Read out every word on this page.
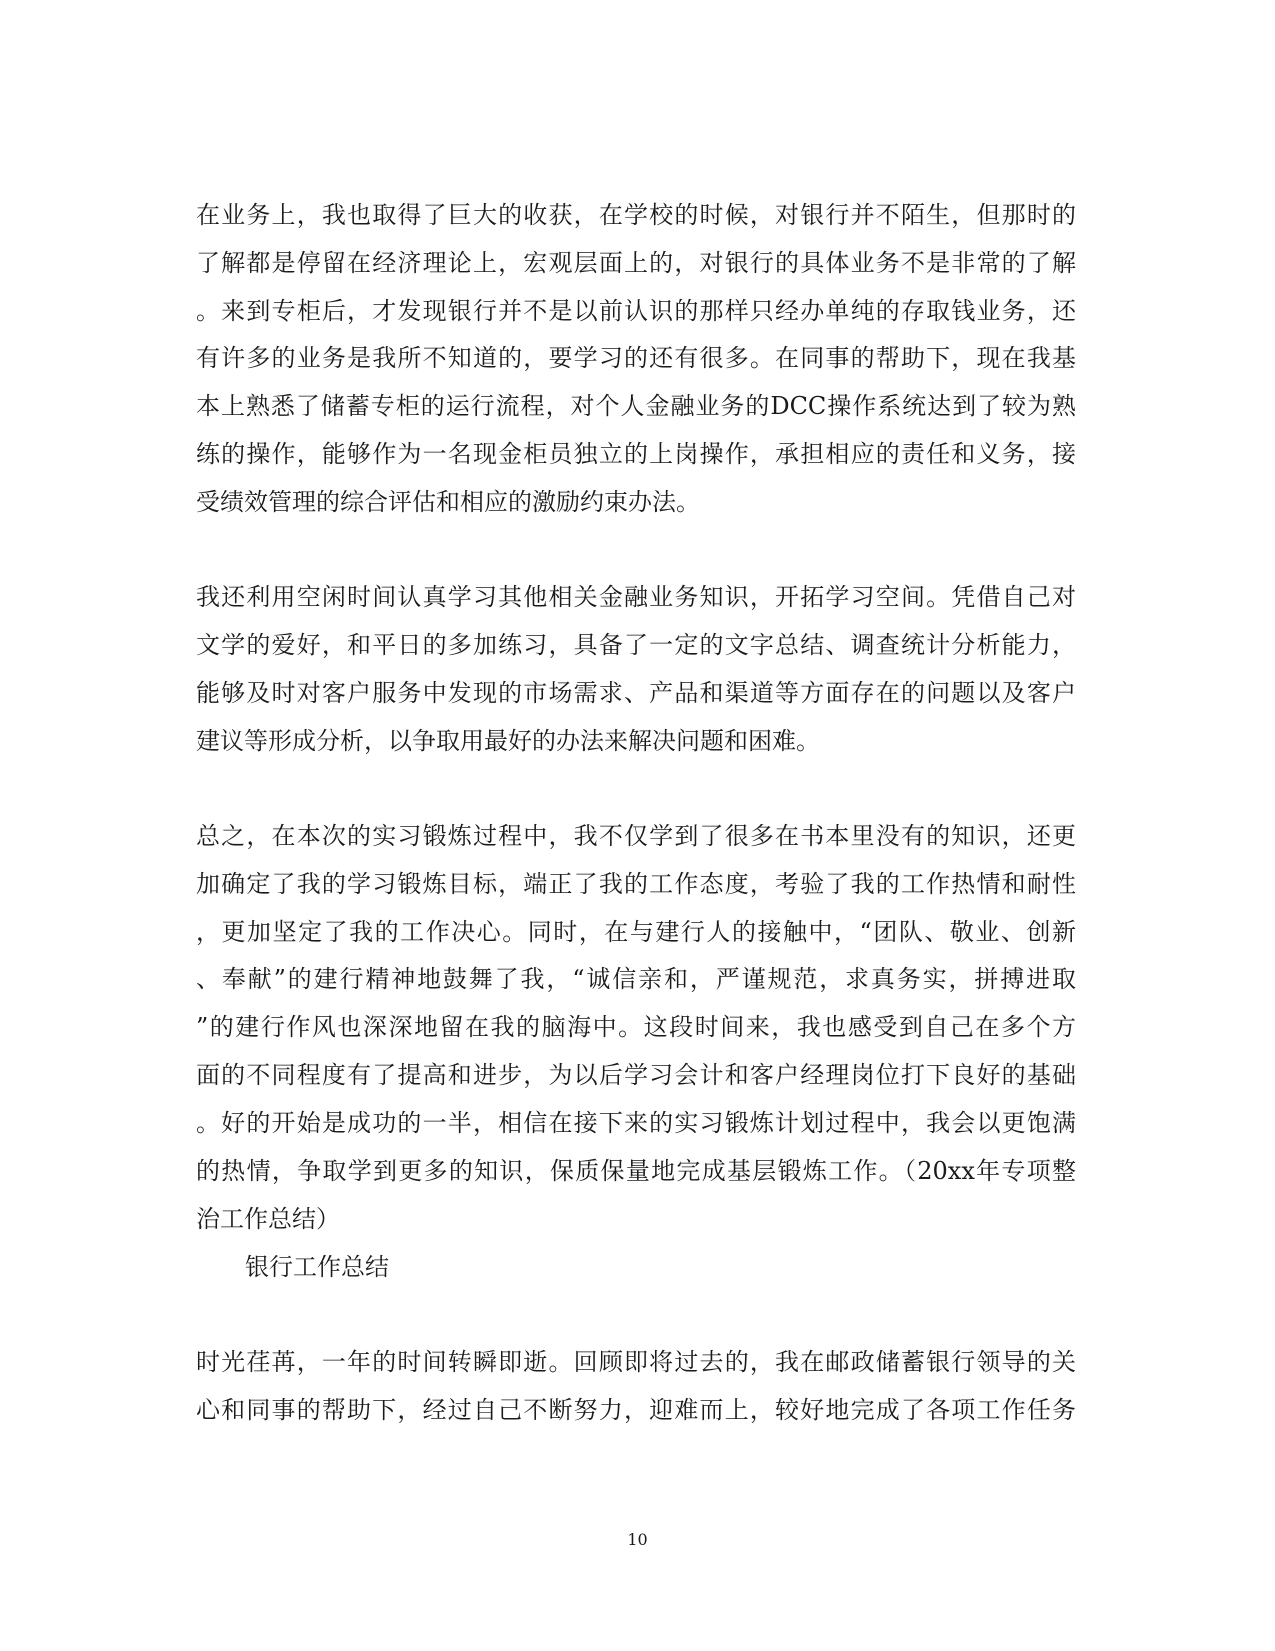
在业务上，我也取得了巨大的收获，在学校的时候，对银行并不陌生，但那时的
了解都是停留在经济理论上，宏观层面上的，对银行的具体业务不是非常的了解
。来到专柜后，才发现银行并不是以前认识的那样只经办单纯的存取钱业务，还
有许多的业务是我所不知道的，要学习的还有很多。在同事的帮助下，现在我基
本上熟悉了储蓄专柜的运行流程，对个人金融业务的DCC操作系统达到了较为熟
练的操作，能够作为一名现金柜员独立的上岗操作，承担相应的责任和义务，接
受绩效管理的综合评估和相应的激励约束办法。
我还利用空闲时间认真学习其他相关金融业务知识，开拓学习空间。凭借自己对
文学的爱好，和平日的多加练习，具备了一定的文字总结、调查统计分析能力，
能够及时对客户服务中发现的市场需求、产品和渠道等方面存在的问题以及客户
建议等形成分析，以争取用最好的办法来解决问题和困难。
总之，在本次的实习锻炼过程中，我不仅学到了很多在书本里没有的知识，还更
加确定了我的学习锻炼目标，端正了我的工作态度，考验了我的工作热情和耐性
，更加坚定了我的工作决心。同时，在与建行人的接触中，“团队、敬业、创新
、奉献”的建行精神地鼓舞了我，“诚信亲和，严谨规范，求真务实，拼搏进取
”的建行作风也深深地留在我的脑海中。这段时间来，我也感受到自己在多个方
面的不同程度有了提高和进步，为以后学习会计和客户经理岗位打下良好的基础
。好的开始是成功的一半，相信在接下来的实习锻炼计划过程中，我会以更饱满
的热情，争取学到更多的知识，保质保量地完成基层锻炼工作。（20xx年专项整
治工作总结）
银行工作总结
时光荏苒，一年的时间转瞬即逝。回顾即将过去的，我在邮政储蓄银行领导的关
心和同事的帮助下，经过自己不断努力，迎难而上，较好地完成了各项工作任务
10
